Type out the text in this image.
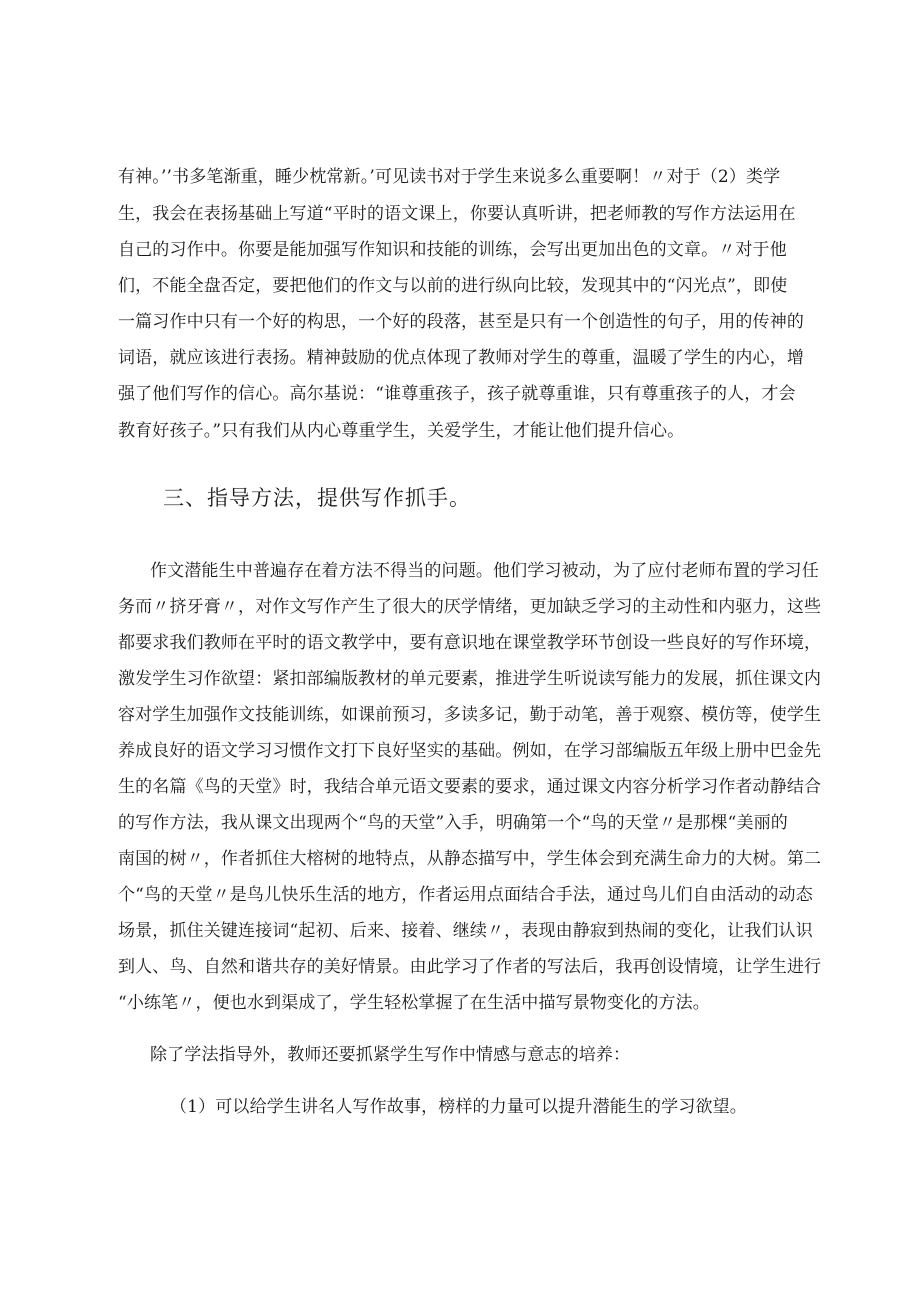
有神。’’书多笔渐重，睡少枕常新。’可见读书对于学生来说多么重要啊！〃对于（2）类学
生，我会在表扬基础上写道“平时的语文课上，你要认真听讲，把老师教的写作方法运用在
自己的习作中。你要是能加强写作知识和技能的训练，会写出更加出色的文章。〃对于他
们，不能全盘否定，要把他们的作文与以前的进行纵向比较，发现其中的“闪光点”，即使
一篇习作中只有一个好的构思，一个好的段落，甚至是只有一个创造性的句子，用的传神的
词语，就应该进行表扬。精神鼓励的优点体现了教师对学生的尊重，温暖了学生的内心，增
强了他们写作的信心。高尔基说：“谁尊重孩子，孩子就尊重谁，只有尊重孩子的人，才会
教育好孩子。”只有我们从内心尊重学生，关爱学生，才能让他们提升信心。
三、指导方法，提供写作抓手。
作文潜能生中普遍存在着方法不得当的问题。他们学习被动，为了应付老师布置的学习任
务而〃挤牙膏〃，对作文写作产生了很大的厌学情绪，更加缺乏学习的主动性和内驱力，这些
都要求我们教师在平时的语文教学中，要有意识地在课堂教学环节创设一些良好的写作环境，
激发学生习作欲望：紧扣部编版教材的单元要素，推进学生听说读写能力的发展，抓住课文内
容对学生加强作文技能训练，如课前预习，多读多记，勤于动笔，善于观察、模仿等，使学生
养成良好的语文学习习惯作文打下良好坚实的基础。例如，在学习部编版五年级上册中巴金先
生的名篇《鸟的天堂》时，我结合单元语文要素的要求，通过课文内容分析学习作者动静结合
的写作方法，我从课文出现两个“鸟的天堂”入手，明确第一个“鸟的天堂〃是那棵“美丽的
南国的树〃，作者抓住大榕树的地特点，从静态描写中，学生体会到充满生命力的大树。第二
个“鸟的天堂〃是鸟儿快乐生活的地方，作者运用点面结合手法，通过鸟儿们自由活动的动态
场景，抓住关键连接词“起初、后来、接着、继续〃，表现由静寂到热闹的变化，让我们认识
到人、鸟、自然和谐共存的美好情景。由此学习了作者的写法后，我再创设情境，让学生进行
“小练笔〃，便也水到渠成了，学生轻松掌握了在生活中描写景物变化的方法。
除了学法指导外，教师还要抓紧学生写作中情感与意志的培养：
（1）可以给学生讲名人写作故事，榜样的力量可以提升潜能生的学习欲望。
